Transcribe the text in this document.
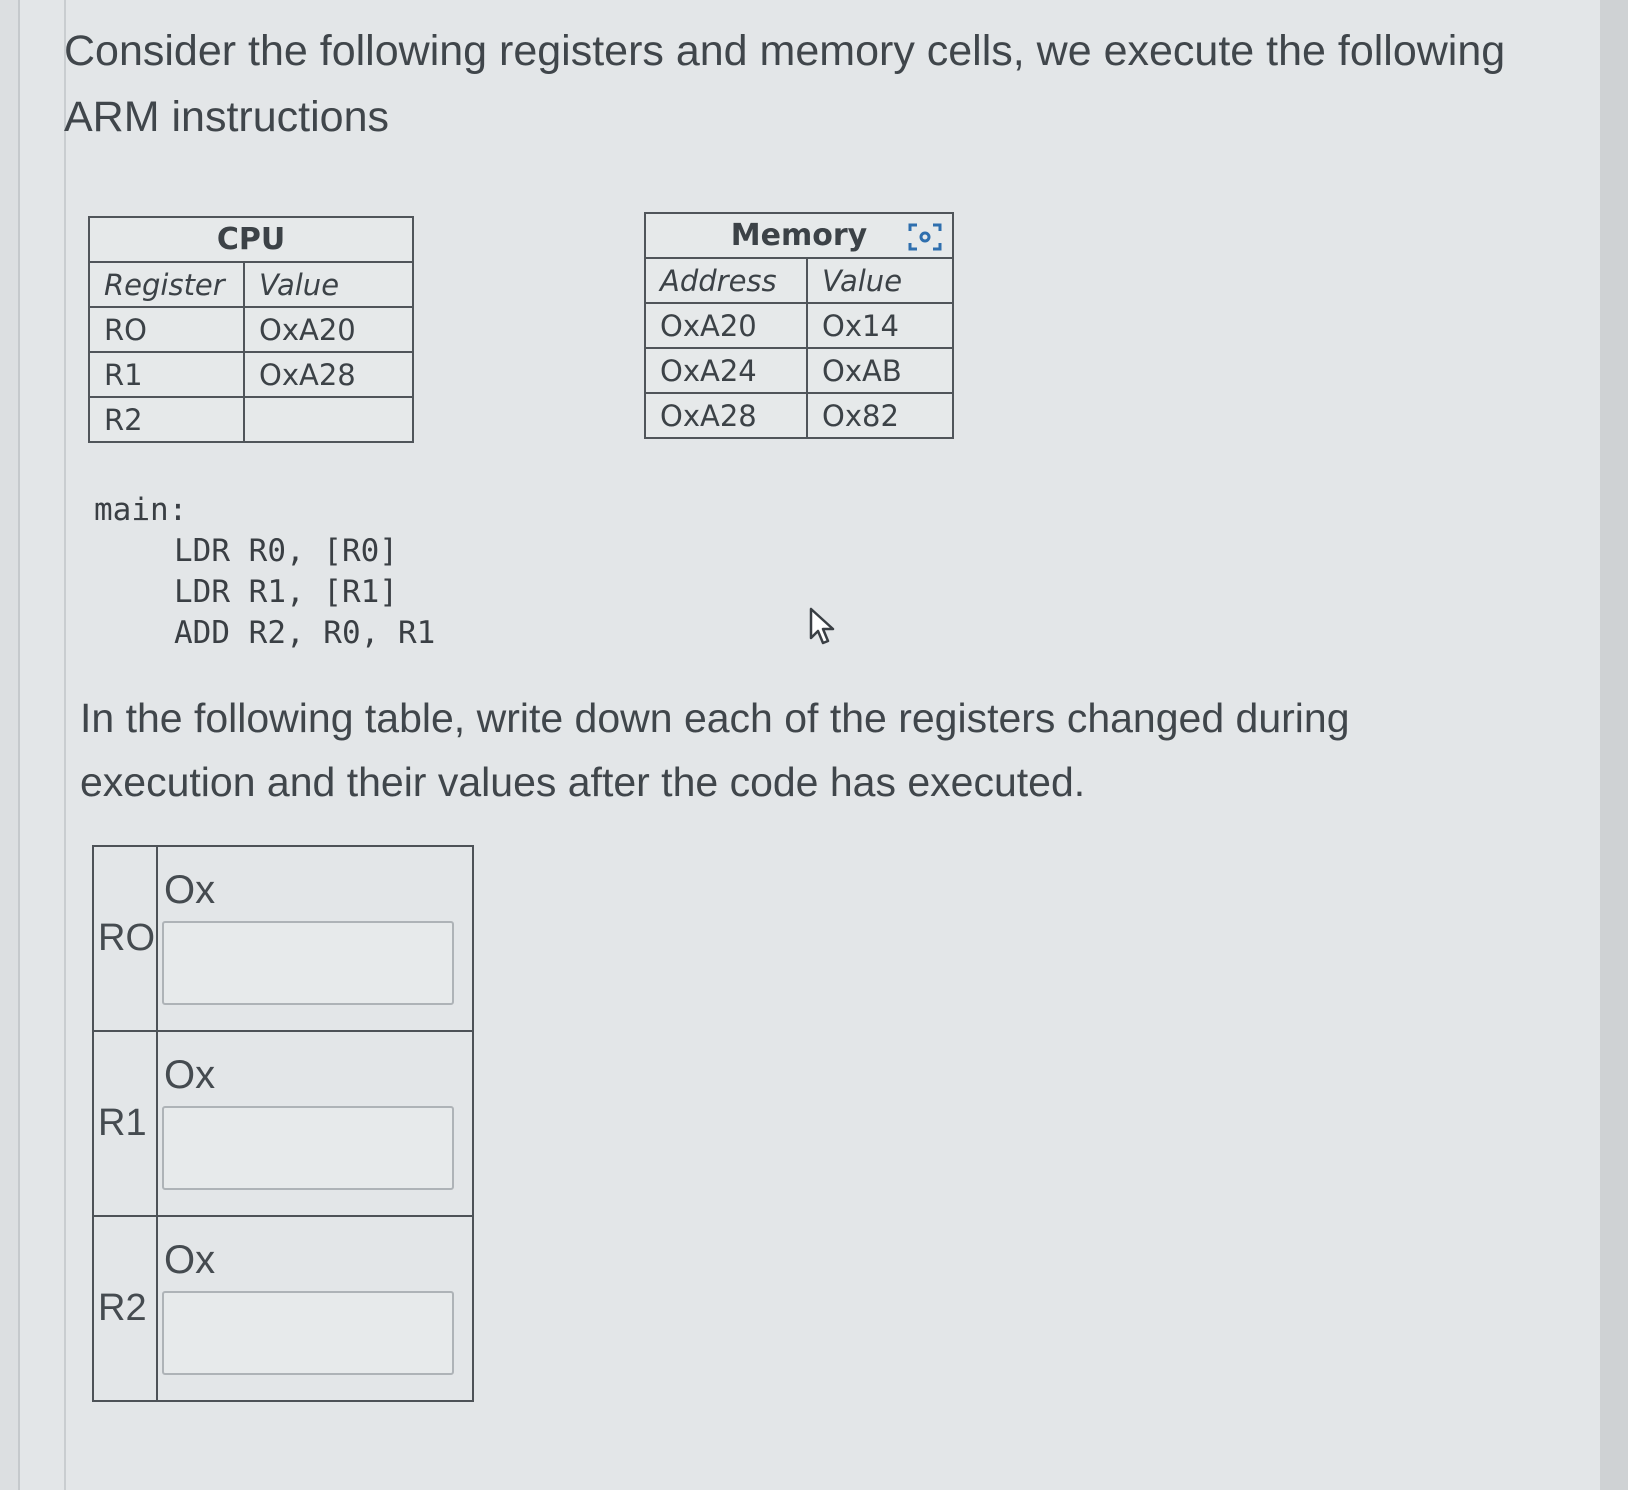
Consider the following registers and memory cells, we execute the following ARM instructions

CPU	
Register	Value
RO	OxA20
R1	OxA28
R2	
Memory	

Address	Value
OxA20	Ox14
OxA24	OxAB
OxA28	Ox82
main:

LDR R0, [R0]
LDR R1, [R1]
ADD R2, R0, R1

In the following table, write down each of the registers changed during execution and their values after the code has executed.

RO	Ox

R1	Ox

R2	Ox
